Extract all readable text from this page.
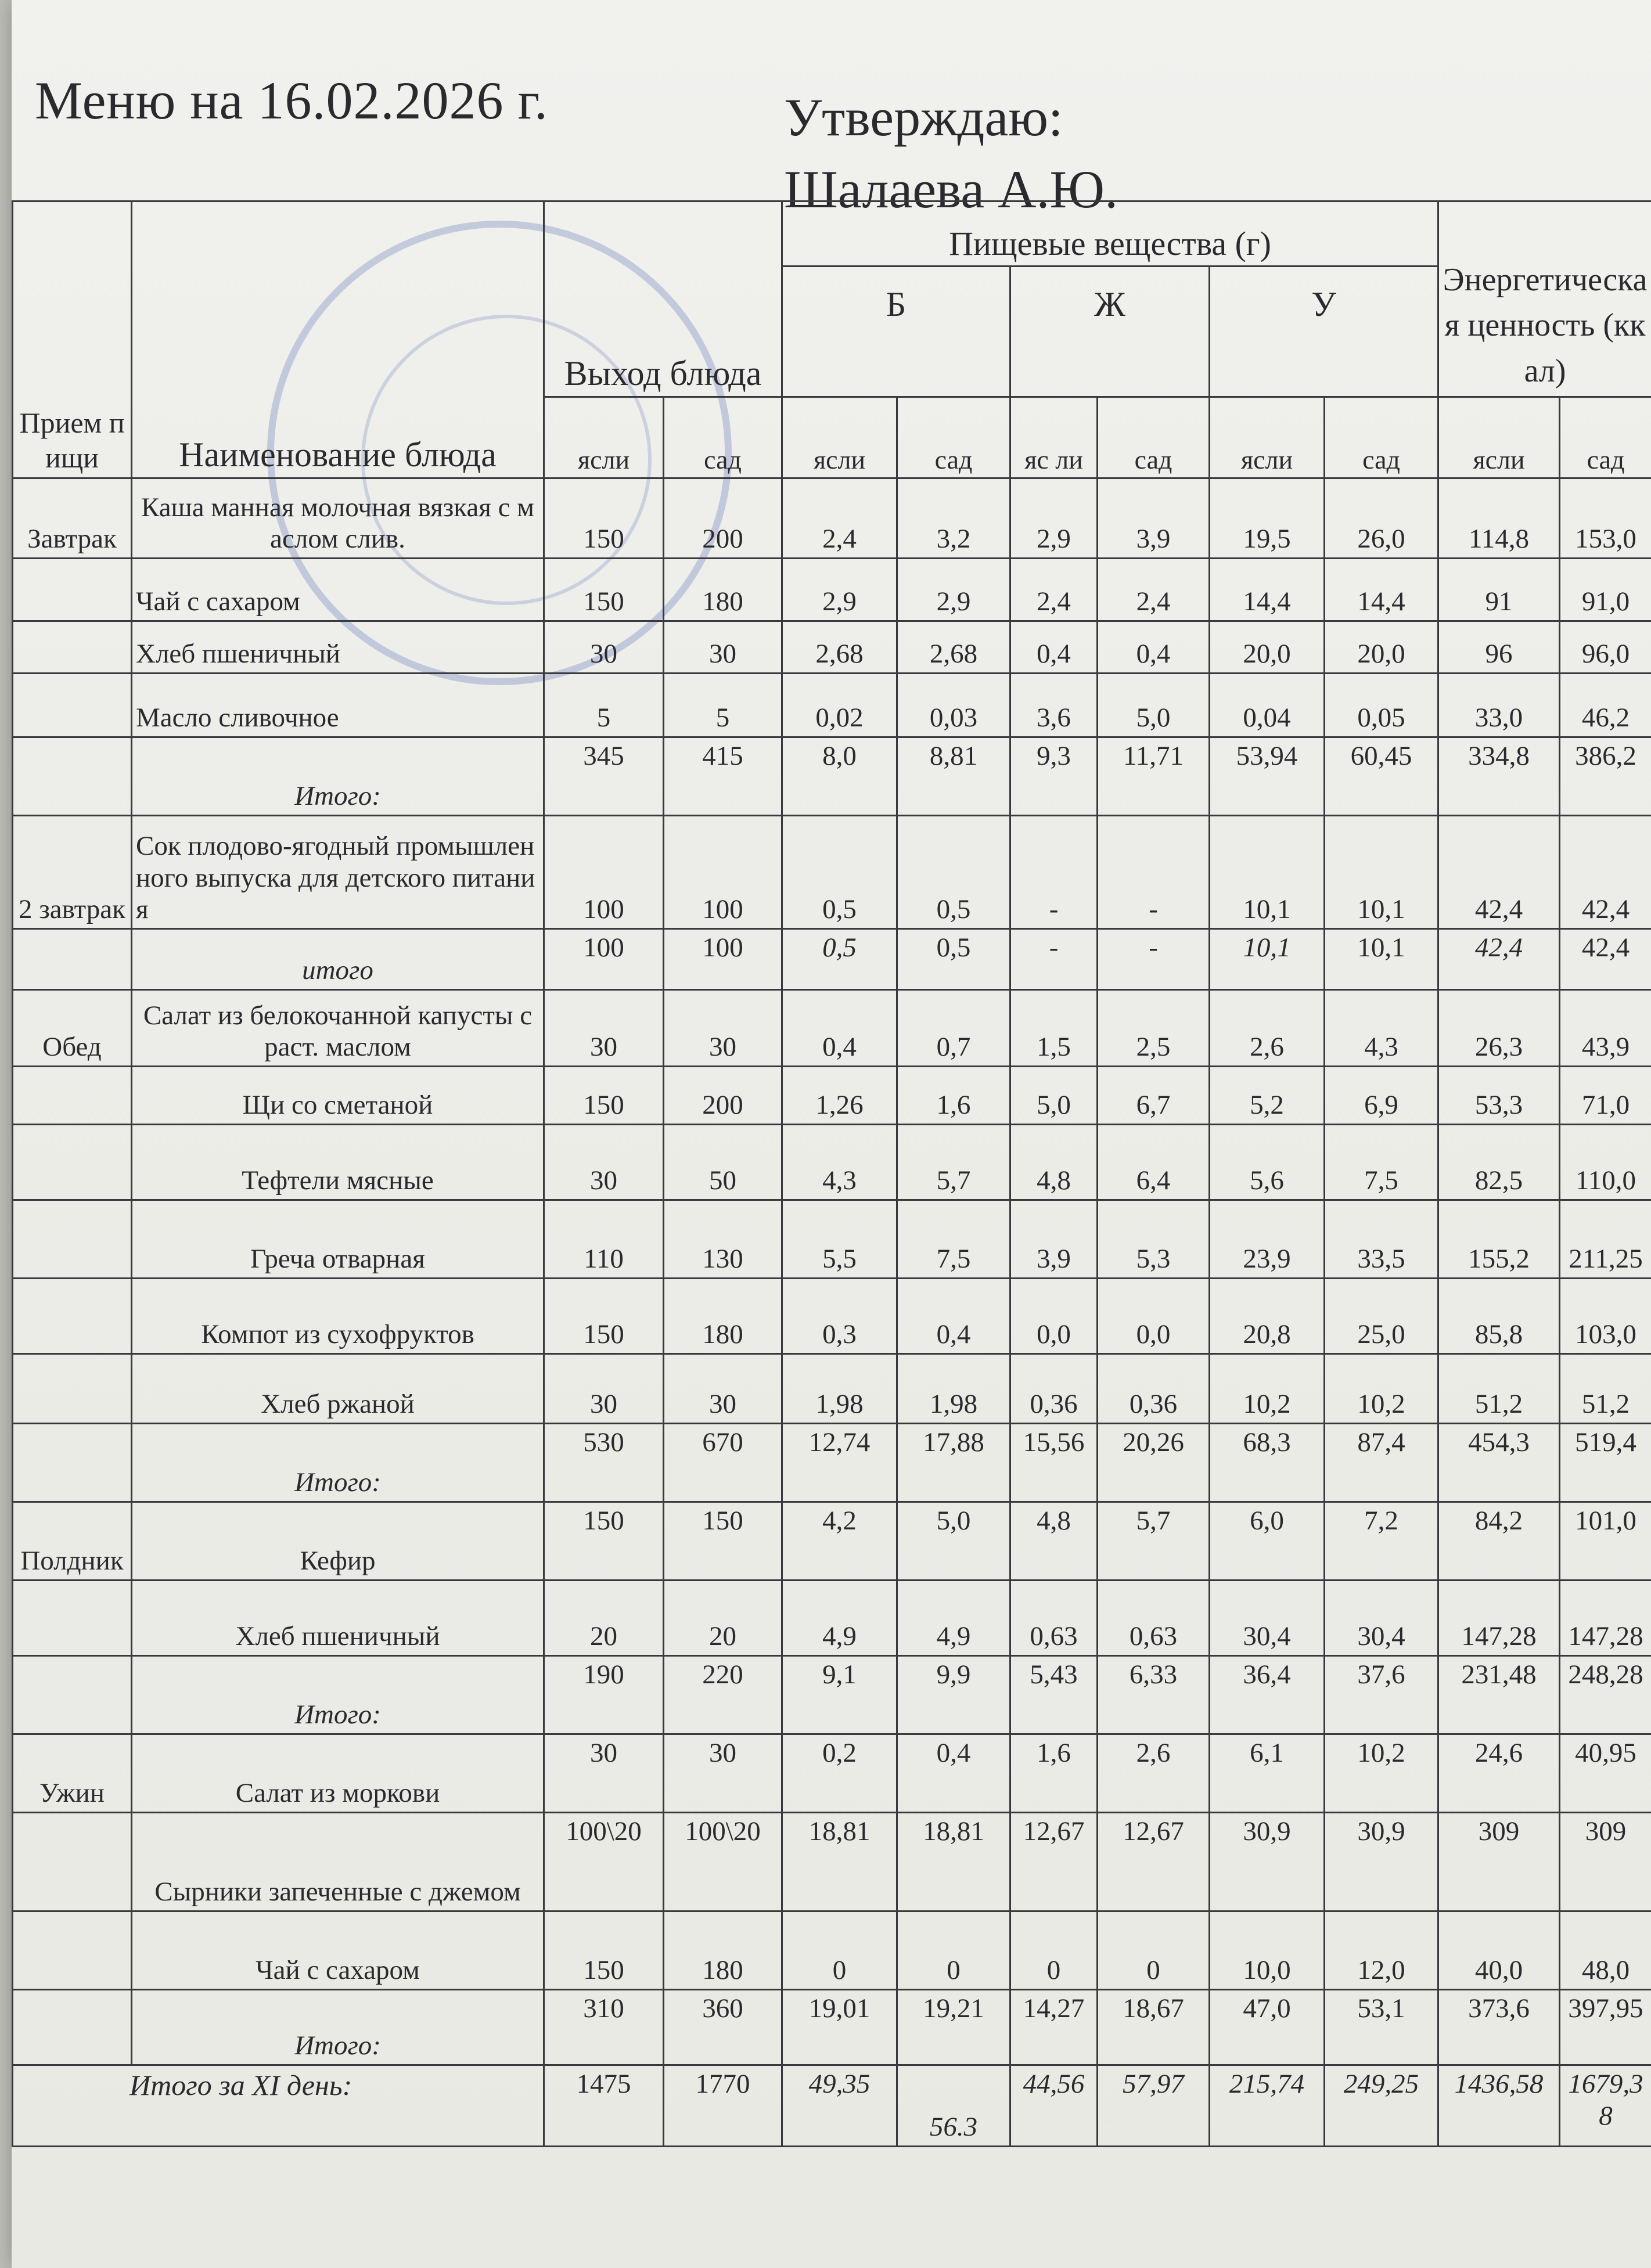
Меню на 16.02.2026 г.	Утверждаю:
Шалаева А.Ю.
Прием пищи	Наименование блюда	Выход блюда		Пищевые вещества (г)						Энергетическая ценность (ккал)	
				Б		Ж		У			
		ясли	сад	ясли	сад	яс ли	сад	ясли	сад	ясли	сад
Завтрак	Каша манная молочная вязкая с маслом слив.	150	200	2,4	3,2	2,9	3,9	19,5	26,0	114,8	153,0
	Чай с сахаром	150	180	2,9	2,9	2,4	2,4	14,4	14,4	91	91,0
	Хлеб пшеничный	30	30	2,68	2,68	0,4	0,4	20,0	20,0	96	96,0
	Масло сливочное	5	5	0,02	0,03	3,6	5,0	0,04	0,05	33,0	46,2
	Итого:	345	415	8,0	8,81	9,3	11,71	53,94	60,45	334,8	386,2
2 завтрак	Сок плодово-ягодный промышленного выпуска для детского питания	100	100	0,5	0,5	-	-	10,1	10,1	42,4	42,4
	итого	100	100	0,5	0,5	-	-	10,1	10,1	42,4	42,4
Обед	Салат из белокочанной капусты с раст. маслом	30	30	0,4	0,7	1,5	2,5	2,6	4,3	26,3	43,9
	Щи со сметаной	150	200	1,26	1,6	5,0	6,7	5,2	6,9	53,3	71,0
	Тефтели мясные	30	50	4,3	5,7	4,8	6,4	5,6	7,5	82,5	110,0
	Греча отварная	110	130	5,5	7,5	3,9	5,3	23,9	33,5	155,2	211,25
	Компот из сухофруктов	150	180	0,3	0,4	0,0	0,0	20,8	25,0	85,8	103,0
	Хлеб ржаной	30	30	1,98	1,98	0,36	0,36	10,2	10,2	51,2	51,2
	Итого:	530	670	12,74	17,88	15,56	20,26	68,3	87,4	454,3	519,4
Полдник	Кефир	150	150	4,2	5,0	4,8	5,7	6,0	7,2	84,2	101,0
	Хлеб пшеничный	20	20	4,9	4,9	0,63	0,63	30,4	30,4	147,28	147,28
	Итого:	190	220	9,1	9,9	5,43	6,33	36,4	37,6	231,48	248,28
Ужин	Салат из моркови	30	30	0,2	0,4	1,6	2,6	6,1	10,2	24,6	40,95
	Сырники запеченные с джемом	100\20	100\20	18,81	18,81	12,67	12,67	30,9	30,9	309	309
	Чай с сахаром	150	180	0	0	0	0	10,0	12,0	40,0	48,0
	Итого:	310	360	19,01	19,21	14,27	18,67	47,0	53,1	373,6	397,95
Итого за XI день:		1475	1770	49,35	56.3	44,56	57,97	215,74	249,25	1436,58	1679,38
